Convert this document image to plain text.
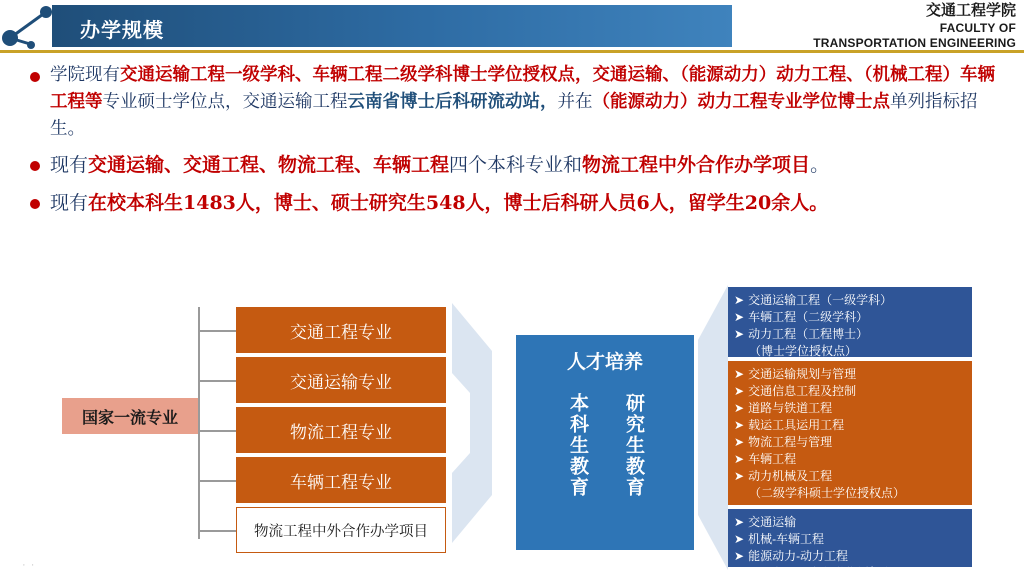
办学规模
交通工程学院
FACULTY OF
TRANSPORTATION ENGINEERING
学院现有交通运输工程一级学科、车辆工程二级学科博士学位授权点，交通运输、（能源动力）动力工程、（机械工程）车辆工程等专业硕士学位点，交通运输工程云南省博士后科研流动站，并在（能源动力）动力工程专业学位博士点单列指标招生。
现有交通运输、交通工程、物流工程、车辆工程四个本科专业和物流工程中外合作办学项目。
现有在校本科生1483人，博士、硕士研究生548人，博士后科研人员6人，留学生20余人。
国家一流专业
交通工程专业
交通运输专业
物流工程专业
车辆工程专业
物流工程中外合作办学项目
人才培养
本科生教育 研究生教育
➤ 交通运输工程（一级学科）
➤ 车辆工程（二级学科）
➤ 动力工程（工程博士）
（博士学位授权点）
➤ 交通运输规划与管理
➤ 交通信息工程及控制
➤ 道路与铁道工程
➤ 载运工具运用工程
➤ 物流工程与管理
➤ 车辆工程
➤ 动力机械及工程
（二级学科硕士学位授权点）
➤ 交通运输
➤ 机械-车辆工程
➤ 能源动力-动力工程
（工程硕士专业学位授权点）
· ·
